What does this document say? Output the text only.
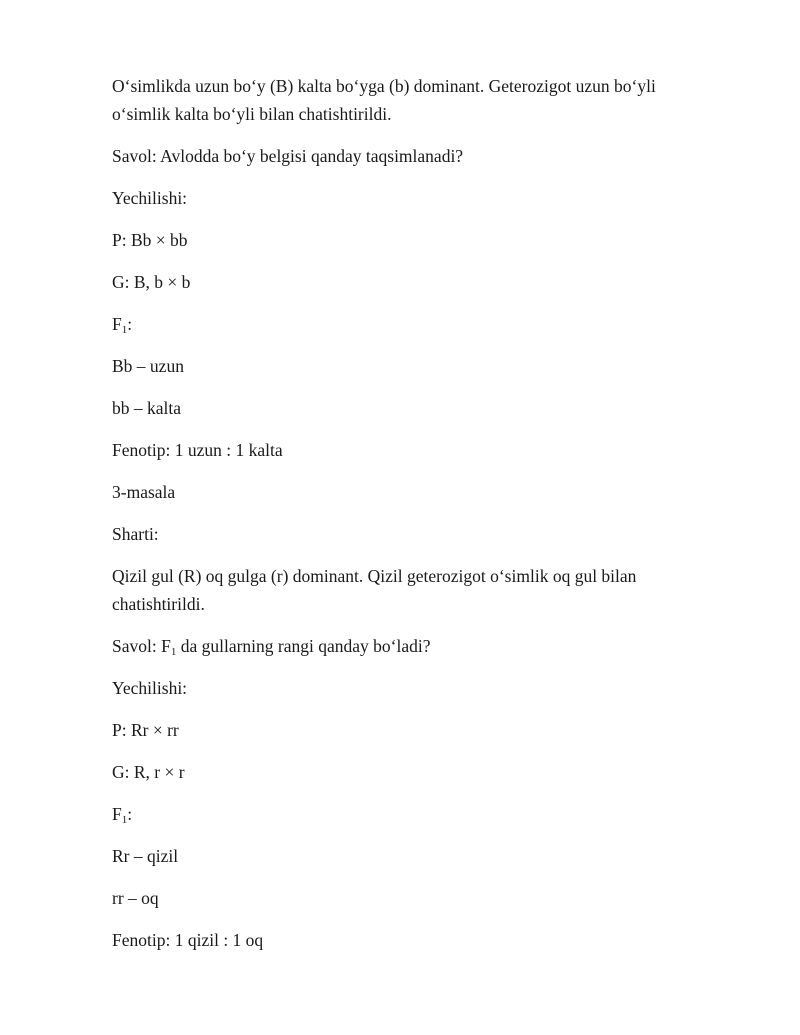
O‘simlikda uzun bo‘y (B) kalta bo‘yga (b) dominant. Geterozigot uzun bo‘yli o‘simlik kalta bo‘yli bilan chatishtirildi.

Savol: Avlodda bo‘y belgisi qanday taqsimlanadi?

Yechilishi:

P: Bb × bb

G: B, b × b

$F_1$:

Bb – uzun

bb – kalta

Fenotip: 1 uzun : 1 kalta

3-masala

Sharti:

Qizil gul (R) oq gulga (r) dominant. Qizil geterozigot o‘simlik oq gul bilan chatishtirildi.

Savol: $F_1$ da gullarning rangi qanday bo‘ladi?

Yechilishi:

P: Rr × rr

G: R, r × r

$F_1$:

Rr – qizil

rr – oq

Fenotip: 1 qizil : 1 oq
